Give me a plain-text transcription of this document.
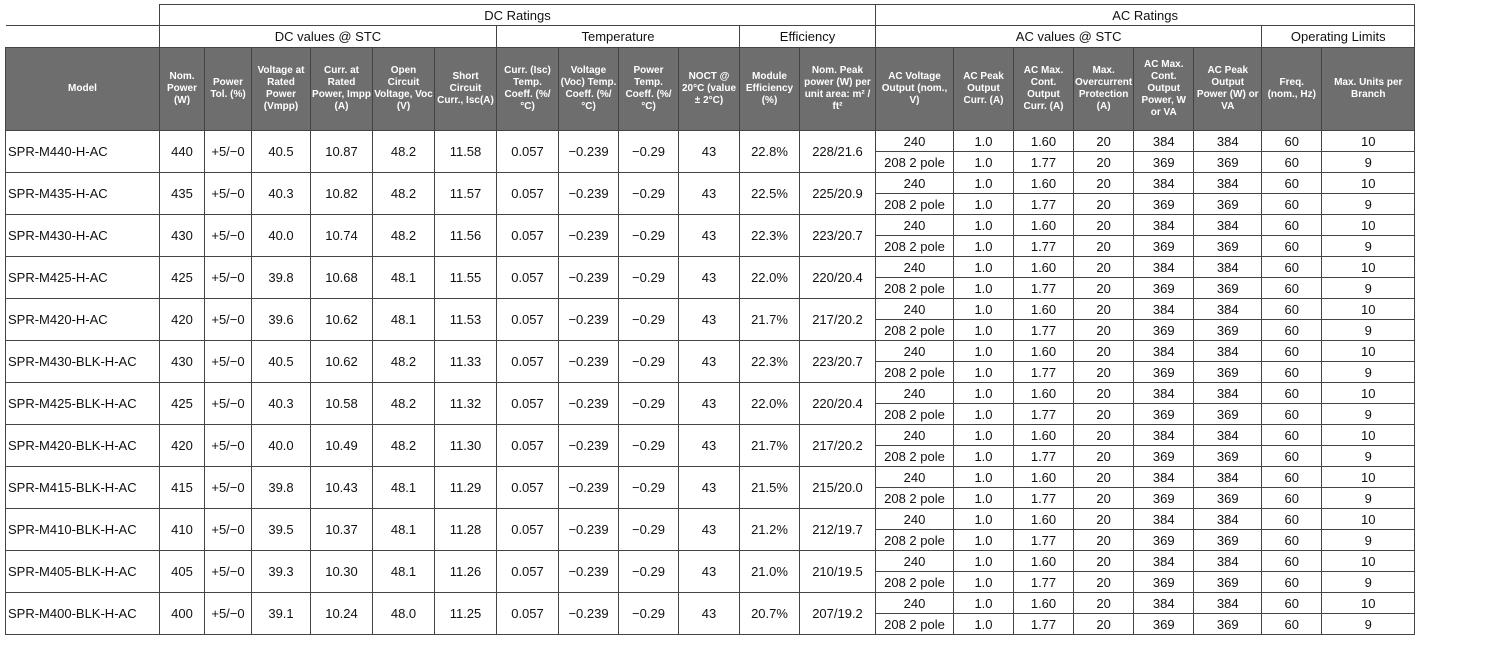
	DC Ratings												AC Ratings							
	DC values @ STC						Temperature				Efficiency		AC values @ STC						Operating Limits	
Model	Nom. Power (W)	Power Tol. (%)	Voltage at Rated Power (Vmpp)	Curr. at Rated Power, Impp (A)	Open Circuit Voltage, Voc (V)	Short Circuit Curr., Isc(A)	Curr. (Isc) Temp. Coeff. (%/°C)	Voltage (Voc) Temp. Coeff. (%/°C)	Power Temp. Coeff. (%/°C)	NOCT @ 20°C (value ± 2°C)	Module Efficiency (%)	Nom. Peak power (W) per unit area: m² / ft²	AC Voltage Output (nom., V)	AC Peak Output Curr. (A)	AC Max. Cont. Output Curr. (A)	Max. Overcurrent Protection (A)	AC Max. Cont. Output Power, W or VA	AC Peak Output Power (W) or VA	Freq. (nom., Hz)	Max. Units per Branch
SPR-M440-H-AC	440	+5/−0	40.5	10.87	48.2	11.58	0.057	−0.239	−0.29	43	22.8%	228/21.6	240	1.0	1.60	20	384	384	60	10
													208 2 pole	1.0	1.77	20	369	369	60	9
SPR-M435-H-AC	435	+5/−0	40.3	10.82	48.2	11.57	0.057	−0.239	−0.29	43	22.5%	225/20.9	240	1.0	1.60	20	384	384	60	10
													208 2 pole	1.0	1.77	20	369	369	60	9
SPR-M430-H-AC	430	+5/−0	40.0	10.74	48.2	11.56	0.057	−0.239	−0.29	43	22.3%	223/20.7	240	1.0	1.60	20	384	384	60	10
													208 2 pole	1.0	1.77	20	369	369	60	9
SPR-M425-H-AC	425	+5/−0	39.8	10.68	48.1	11.55	0.057	−0.239	−0.29	43	22.0%	220/20.4	240	1.0	1.60	20	384	384	60	10
													208 2 pole	1.0	1.77	20	369	369	60	9
SPR-M420-H-AC	420	+5/−0	39.6	10.62	48.1	11.53	0.057	−0.239	−0.29	43	21.7%	217/20.2	240	1.0	1.60	20	384	384	60	10
													208 2 pole	1.0	1.77	20	369	369	60	9
SPR-M430-BLK-H-AC	430	+5/−0	40.5	10.62	48.2	11.33	0.057	−0.239	−0.29	43	22.3%	223/20.7	240	1.0	1.60	20	384	384	60	10
													208 2 pole	1.0	1.77	20	369	369	60	9
SPR-M425-BLK-H-AC	425	+5/−0	40.3	10.58	48.2	11.32	0.057	−0.239	−0.29	43	22.0%	220/20.4	240	1.0	1.60	20	384	384	60	10
													208 2 pole	1.0	1.77	20	369	369	60	9
SPR-M420-BLK-H-AC	420	+5/−0	40.0	10.49	48.2	11.30	0.057	−0.239	−0.29	43	21.7%	217/20.2	240	1.0	1.60	20	384	384	60	10
													208 2 pole	1.0	1.77	20	369	369	60	9
SPR-M415-BLK-H-AC	415	+5/−0	39.8	10.43	48.1	11.29	0.057	−0.239	−0.29	43	21.5%	215/20.0	240	1.0	1.60	20	384	384	60	10
													208 2 pole	1.0	1.77	20	369	369	60	9
SPR-M410-BLK-H-AC	410	+5/−0	39.5	10.37	48.1	11.28	0.057	−0.239	−0.29	43	21.2%	212/19.7	240	1.0	1.60	20	384	384	60	10
													208 2 pole	1.0	1.77	20	369	369	60	9
SPR-M405-BLK-H-AC	405	+5/−0	39.3	10.30	48.1	11.26	0.057	−0.239	−0.29	43	21.0%	210/19.5	240	1.0	1.60	20	384	384	60	10
													208 2 pole	1.0	1.77	20	369	369	60	9
SPR-M400-BLK-H-AC	400	+5/−0	39.1	10.24	48.0	11.25	0.057	−0.239	−0.29	43	20.7%	207/19.2	240	1.0	1.60	20	384	384	60	10
													208 2 pole	1.0	1.77	20	369	369	60	9
